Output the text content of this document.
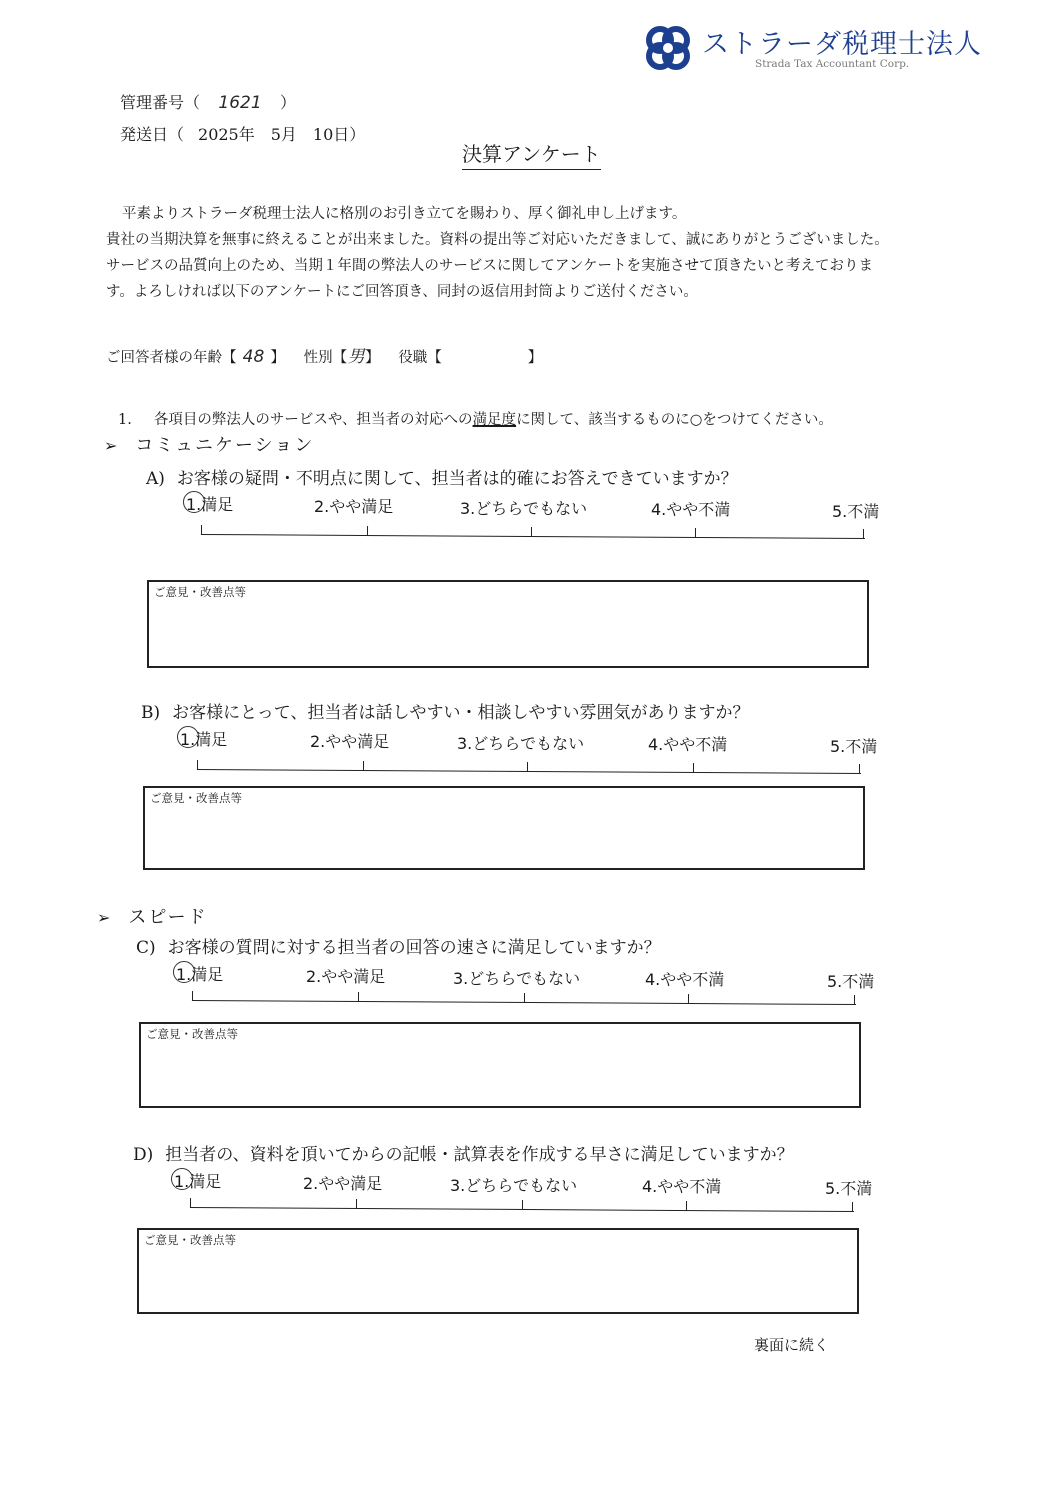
ストラーダ税理士法人
Strada Tax Accountant Corp.
管理番号（ 1621 ）
発送日（ 2025年　5月　10日）
決算アンケート
平素よりストラーダ税理士法人に格別のお引き立てを賜わり、厚く御礼申し上げます。
貴社の当期決算を無事に終えることが出来ました。資料の提出等ご対応いただきまして、誠にありがとうございました。
サービスの品質向上のため、当期１年間の弊法人のサービスに関してアンケートを実施させて頂きたいと考えておりま
す。よろしければ以下のアンケートにご回答頂き、同封の返信用封筒よりご送付ください。
ご回答者様の年齢【 48 】 性別【男】 役職【	】
1. 各項目の弊法人のサービスや、担当者の対応への満足度に関して、該当するものに○をつけてください。
➢ コミュニケーション
A) お客様の疑問・不明点に関して、担当者は的確にお答えできていますか？
1.満足	2.やや満足	3.どちらでもない	4.やや不満	5.不満
ご意見・改善点等
B) お客様にとって、担当者は話しやすい・相談しやすい雰囲気がありますか？
1.満足	2.やや満足	3.どちらでもない	4.やや不満	5.不満
ご意見・改善点等
➢ スピード
C) お客様の質問に対する担当者の回答の速さに満足していますか？
1.満足	2.やや満足	3.どちらでもない	4.やや不満	5.不満
ご意見・改善点等
D) 担当者の、資料を頂いてからの記帳・試算表を作成する早さに満足していますか？
1.満足	2.やや満足	3.どちらでもない	4.やや不満	5.不満
ご意見・改善点等
裏面に続く
